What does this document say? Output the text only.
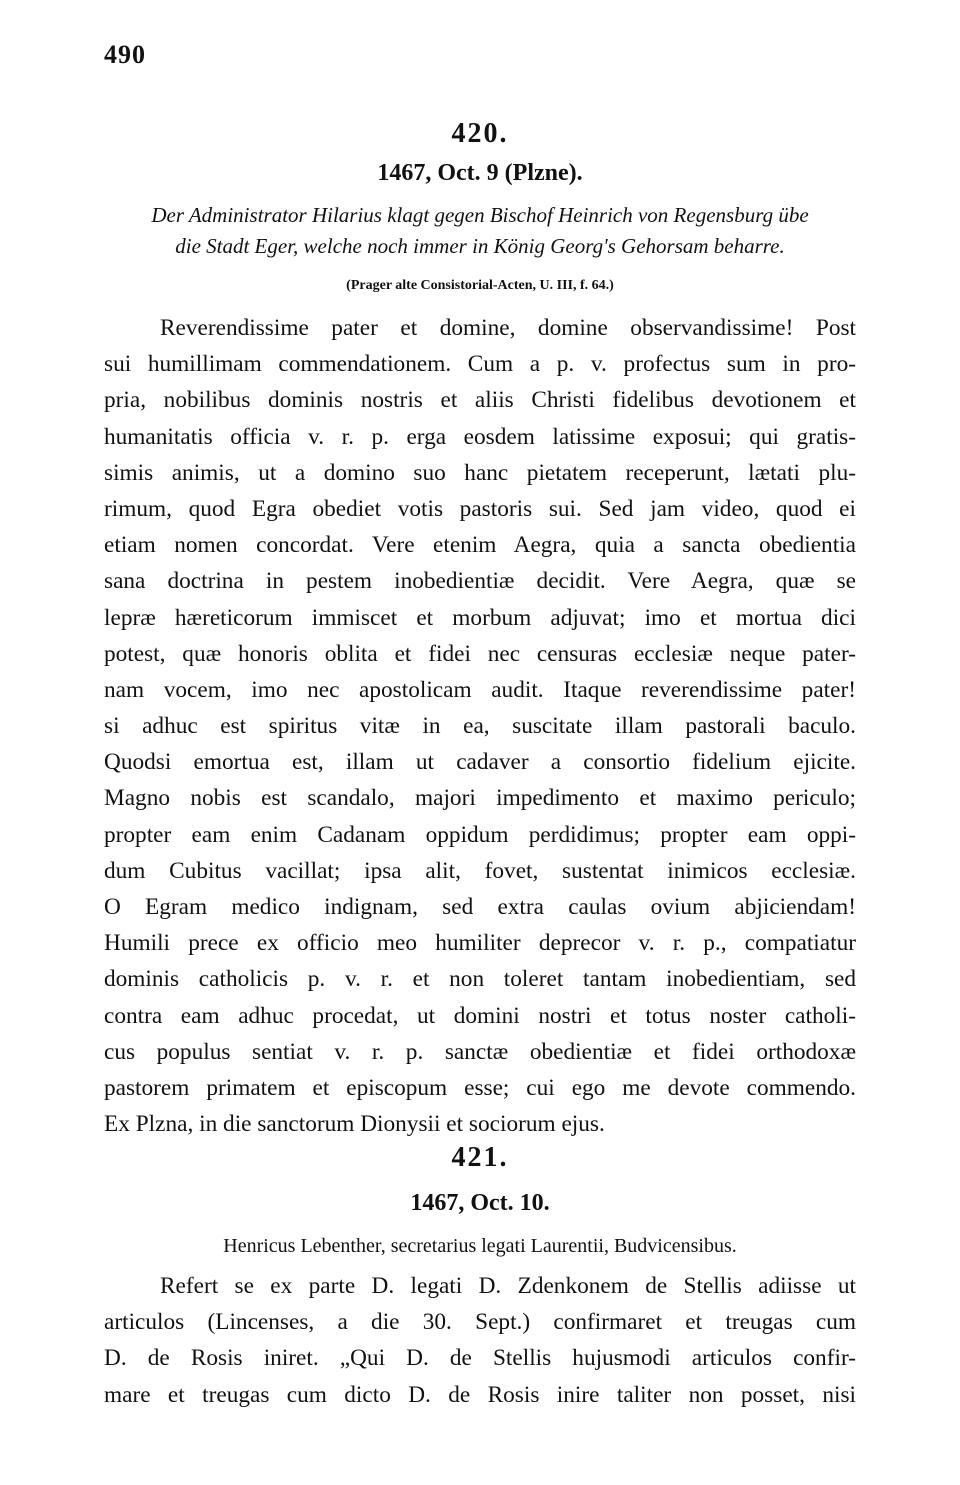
490
420.
1467, Oct. 9 (Plzne).
Der Administrator Hilarius klagt gegen Bischof Heinrich von Regensburg übe
die Stadt Eger, welche noch immer in König Georg's Gehorsam beharre.
(Prager alte Consistorial-Acten, U. III, f. 64.)
Reverendissime pater et domine, domine observandissime! Post
sui humillimam commendationem. Cum a p. v. profectus sum in pro-
pria, nobilibus dominis nostris et aliis Christi fidelibus devotionem et
humanitatis officia v. r. p. erga eosdem latissime exposui; qui gratis-
simis animis, ut a domino suo hanc pietatem receperunt, lætati plu-
rimum, quod Egra obediet votis pastoris sui. Sed jam video, quod ei
etiam nomen concordat. Vere etenim Aegra, quia a sancta obedientia
sana doctrina in pestem inobedientiæ decidit. Vere Aegra, quæ se
lepræ hæreticorum immiscet et morbum adjuvat; imo et mortua dici
potest, quæ honoris oblita et fidei nec censuras ecclesiæ neque pater-
nam vocem, imo nec apostolicam audit. Itaque reverendissime pater!
si adhuc est spiritus vitæ in ea, suscitate illam pastorali baculo.
Quodsi emortua est, illam ut cadaver a consortio fidelium ejicite.
Magno nobis est scandalo, majori impedimento et maximo periculo;
propter eam enim Cadanam oppidum perdidimus; propter eam oppi-
dum Cubitus vacillat; ipsa alit, fovet, sustentat inimicos ecclesiæ.
O Egram medico indignam, sed extra caulas ovium abjiciendam!
Humili prece ex officio meo humiliter deprecor v. r. p., compatiatur
dominis catholicis p. v. r. et non toleret tantam inobedientiam, sed
contra eam adhuc procedat, ut domini nostri et totus noster catholi-
cus populus sentiat v. r. p. sanctæ obedientiæ et fidei orthodoxæ
pastorem primatem et episcopum esse; cui ego me devote commendo.
Ex Plzna, in die sanctorum Dionysii et sociorum ejus.
421.
1467, Oct. 10.
Henricus Lebenther, secretarius legati Laurentii, Budvicensibus.
Refert se ex parte D. legati D. Zdenkonem de Stellis adiisse ut
articulos (Lincenses, a die 30. Sept.) confirmaret et treugas cum
D. de Rosis iniret. „Qui D. de Stellis hujusmodi articulos confir-
mare et treugas cum dicto D. de Rosis inire taliter non posset, nisi
